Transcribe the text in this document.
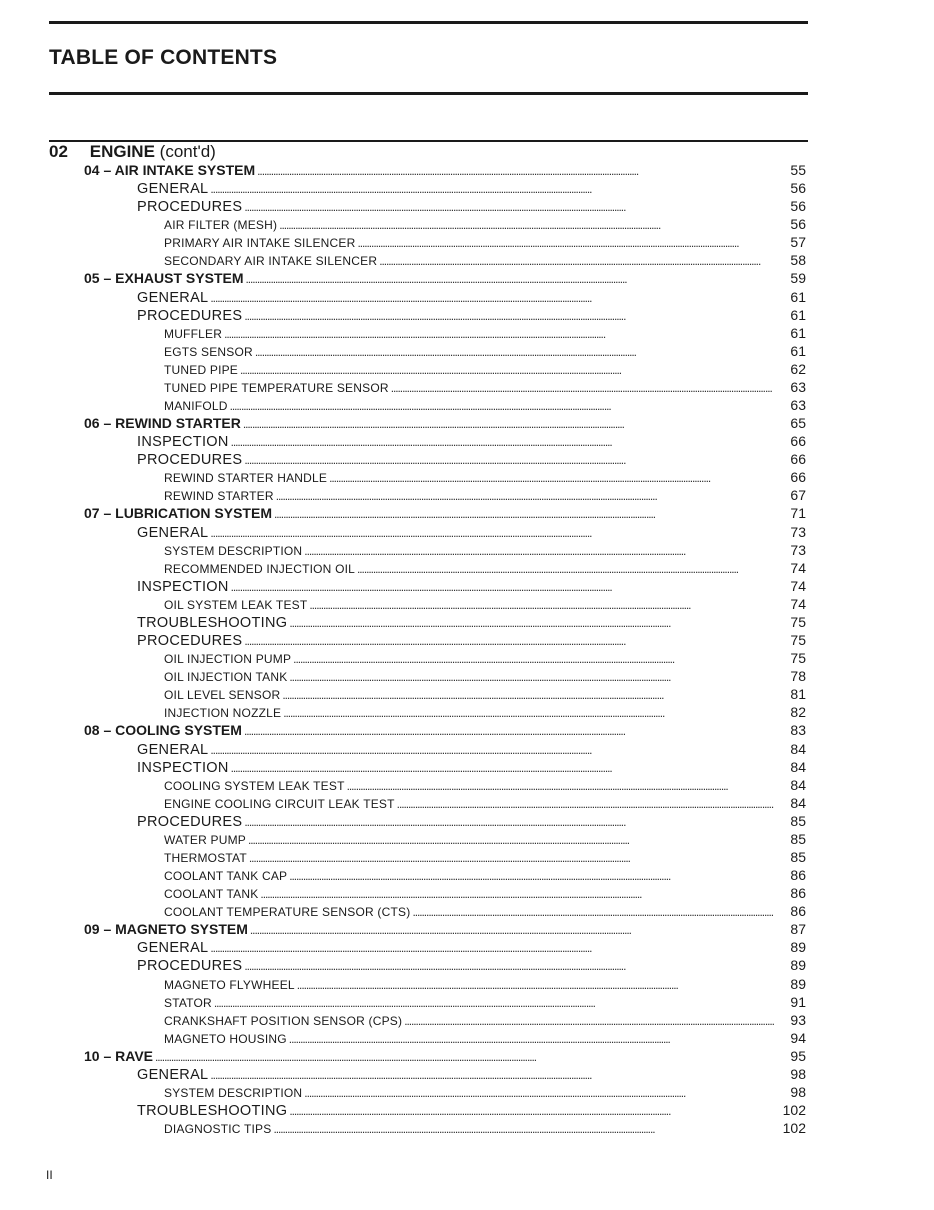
TABLE OF CONTENTS
02 ENGINE (cont'd)
04 – AIR INTAKE SYSTEM . . .	55
GENERAL . . .	56
PROCEDURES . . .	56
AIR FILTER (MESH) . . .	56
PRIMARY AIR INTAKE SILENCER . . .	57
SECONDARY AIR INTAKE SILENCER . . .	58
05 – EXHAUST SYSTEM . . .	59
GENERAL . . .	61
PROCEDURES . . .	61
MUFFLER . . .	61
EGTS SENSOR . . .	61
TUNED PIPE . . .	62
TUNED PIPE TEMPERATURE SENSOR . . .	63
MANIFOLD . . .	63
06 – REWIND STARTER . . .	65
INSPECTION . . .	66
PROCEDURES . . .	66
REWIND STARTER HANDLE . . .	66
REWIND STARTER . . .	67
07 – LUBRICATION SYSTEM . . .	71
GENERAL . . .	73
SYSTEM DESCRIPTION . . .	73
RECOMMENDED INJECTION OIL . . .	74
INSPECTION . . .	74
OIL SYSTEM LEAK TEST . . .	74
TROUBLESHOOTING . . .	75
PROCEDURES . . .	75
OIL INJECTION PUMP . . .	75
OIL INJECTION TANK . . .	78
OIL LEVEL SENSOR . . .	81
INJECTION NOZZLE . . .	82
08 – COOLING SYSTEM . . .	83
GENERAL . . .	84
INSPECTION . . .	84
COOLING SYSTEM LEAK TEST . . .	84
ENGINE COOLING CIRCUIT LEAK TEST . . .	84
PROCEDURES . . .	85
WATER PUMP . . .	85
THERMOSTAT . . .	85
COOLANT TANK CAP . . .	86
COOLANT TANK . . .	86
COOLANT TEMPERATURE SENSOR (CTS) . . .	86
09 – MAGNETO SYSTEM . . .	87
GENERAL . . .	89
PROCEDURES . . .	89
MAGNETO FLYWHEEL . . .	89
STATOR . . .	91
CRANKSHAFT POSITION SENSOR (CPS) . . .	93
MAGNETO HOUSING . . .	94
10 – RAVE . . .	95
GENERAL . . .	98
SYSTEM DESCRIPTION . . .	98
TROUBLESHOOTING . . .	102
DIAGNOSTIC TIPS . . .	102
II
